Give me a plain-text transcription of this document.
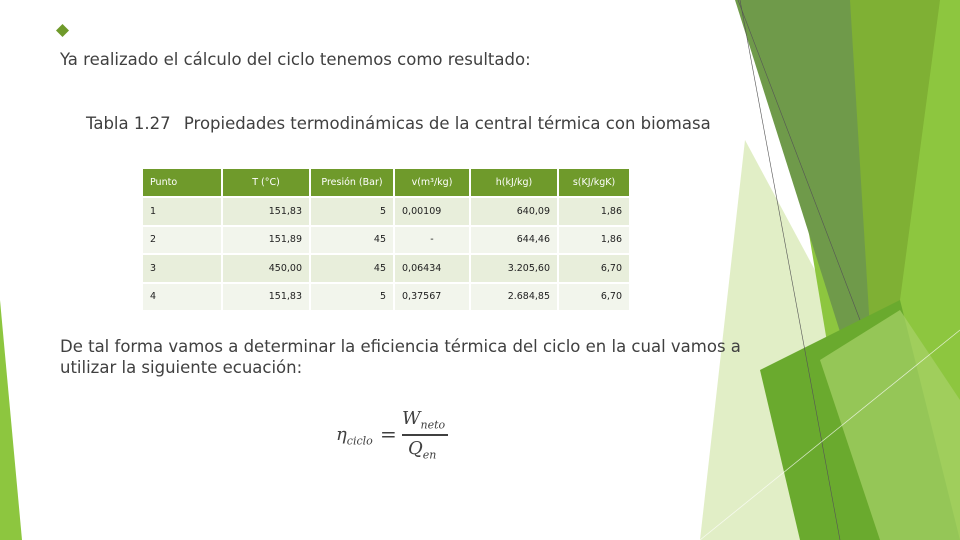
Ya realizado el cálculo del ciclo tenemos como resultado:
Tabla 1.27 Propiedades termodinámicas de la central térmica con biomasa
Punto	T (°C)	Presión (Bar)	v(m³/kg)	h(kJ/kg)	s(KJ/kgK)
1	151,83	5	0,00109	640,09	1,86
2	151,89	45	-	644,46	1,86
3	450,00	45	0,06434	3.205,60	6,70
4	151,83	5	0,37567	2.684,85	6,70
De tal forma vamos a determinar la eficiencia térmica del ciclo en la cual vamos a utilizar la siguiente ecuación:
$\eta_{ciclo}$ =
$W_{neto}$
$Q_{en}$
